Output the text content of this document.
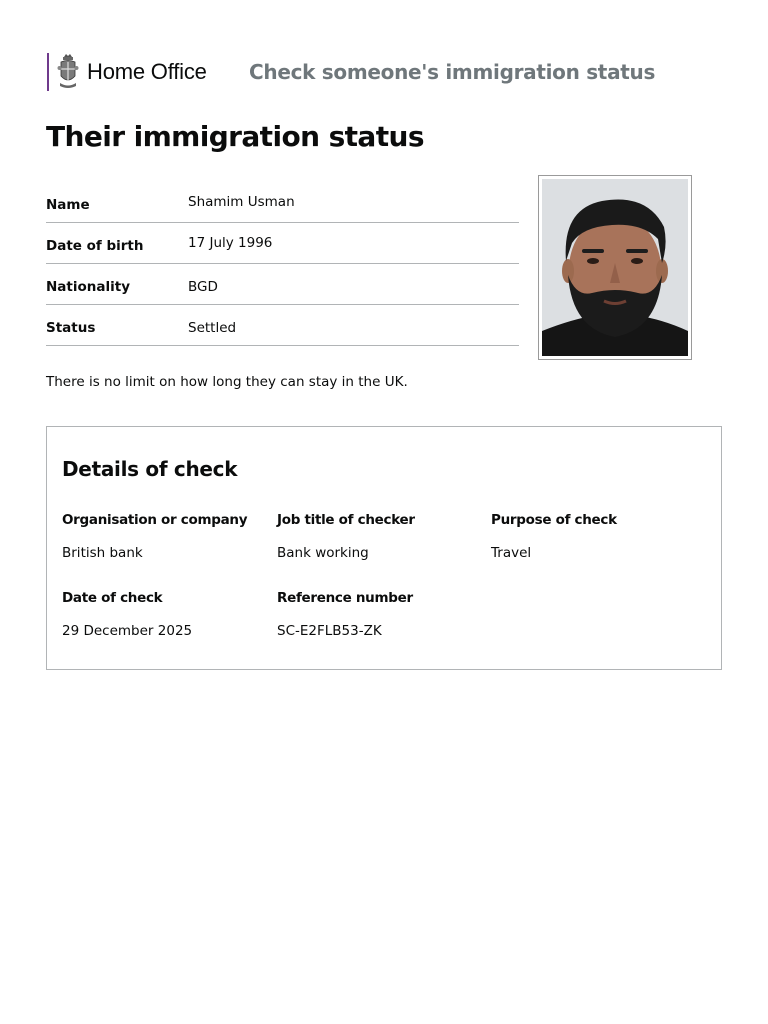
Home Office Check someone's immigration status
Their immigration status
Name	Shamim Usman
Date of birth	17 July 1996
Nationality	BGD
Status	Settled

There is no limit on how long they can stay in the UK.

Details of check
Organisation or company
British bank
Job title of checker
Bank working
Purpose of check
Travel
Date of check
29 December 2025
Reference number
SC-E2FLB53-ZK
